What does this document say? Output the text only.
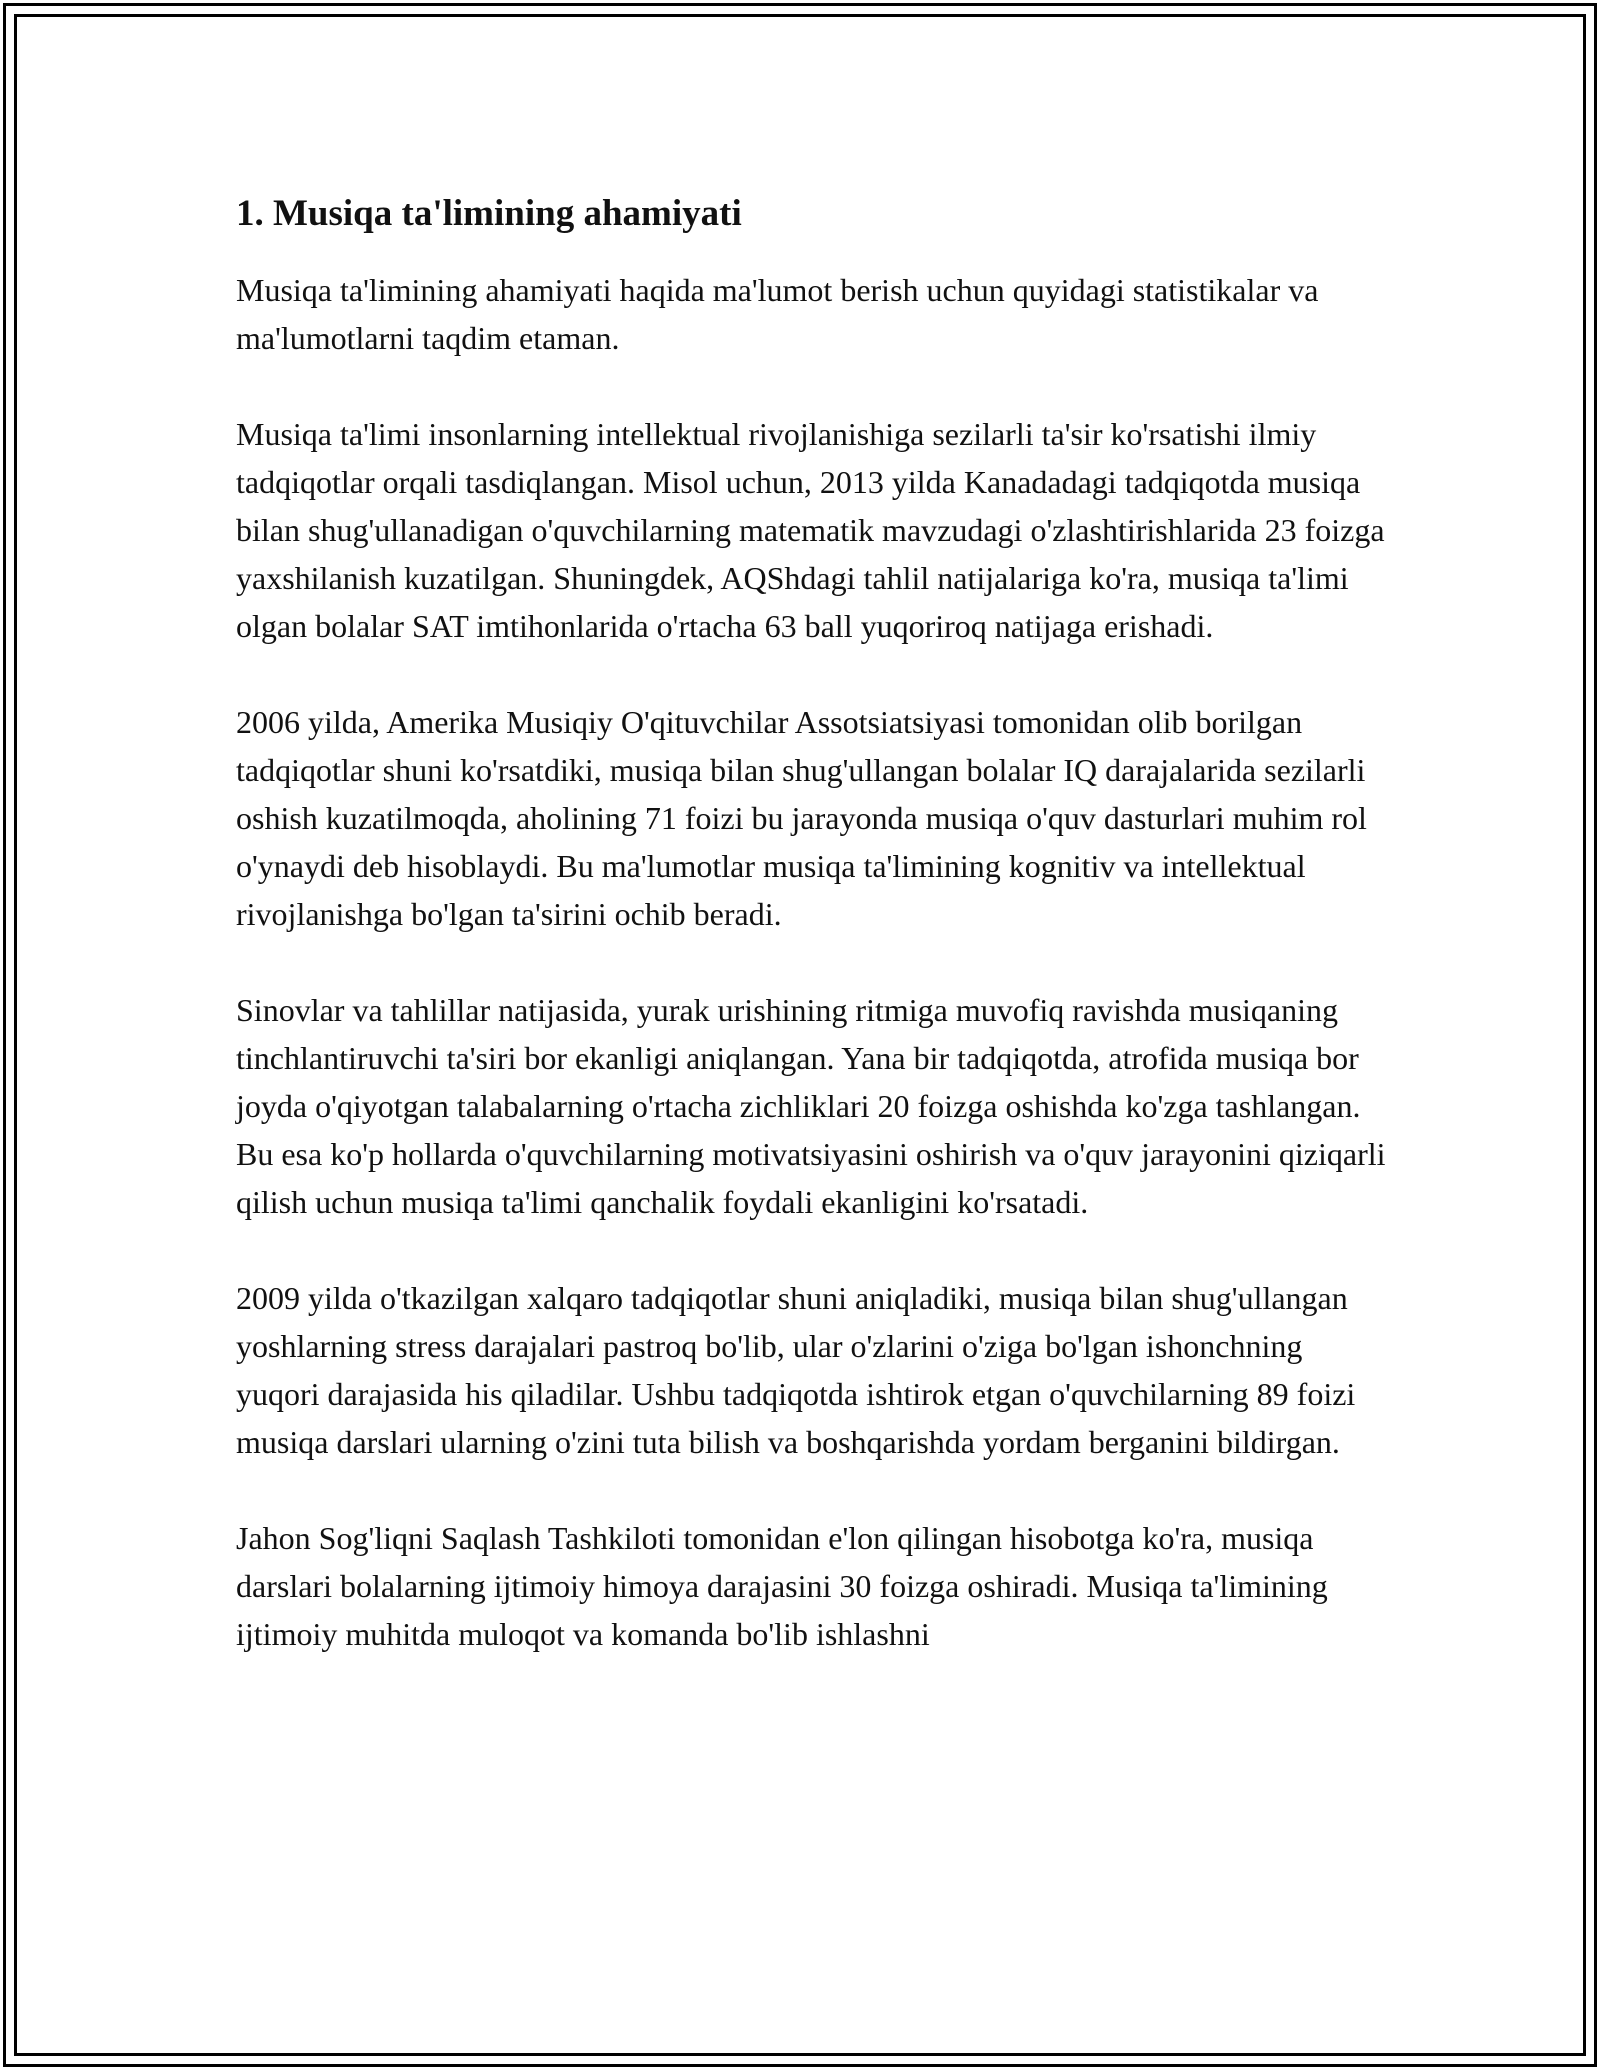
1. Musiqa ta'limining ahamiyati

Musiqa ta'limining ahamiyati haqida ma'lumot berish uchun quyidagi statistikalar va ma'lumotlarni taqdim etaman.

Musiqa ta'limi insonlarning intellektual rivojlanishiga sezilarli ta'sir ko'rsatishi ilmiy tadqiqotlar orqali tasdiqlangan. Misol uchun, 2013 yilda Kanadadagi tadqiqotda musiqa bilan shug'ullanadigan o'quvchilarning matematik mavzudagi o'zlashtirishlarida 23 foizga yaxshilanish kuzatilgan. Shuningdek, AQShdagi tahlil natijalariga ko'ra, musiqa ta'limi olgan bolalar SAT imtihonlarida o'rtacha 63 ball yuqoriroq natijaga erishadi.

2006 yilda, Amerika Musiqiy O'qituvchilar Assotsiatsiyasi tomonidan olib borilgan tadqiqotlar shuni ko'rsatdiki, musiqa bilan shug'ullangan bolalar IQ darajalarida sezilarli oshish kuzatilmoqda, aholining 71 foizi bu jarayonda musiqa o'quv dasturlari muhim rol o'ynaydi deb hisoblaydi. Bu ma'lumotlar musiqa ta'limining kognitiv va intellektual rivojlanishga bo'lgan ta'sirini ochib beradi.

Sinovlar va tahlillar natijasida, yurak urishining ritmiga muvofiq ravishda musiqaning tinchlantiruvchi ta'siri bor ekanligi aniqlangan. Yana bir tadqiqotda, atrofida musiqa bor joyda o'qiyotgan talabalarning o'rtacha zichliklari 20 foizga oshishda ko'zga tashlangan. Bu esa ko'p hollarda o'quvchilarning motivatsiyasini oshirish va o'quv jarayonini qiziqarli qilish uchun musiqa ta'limi qanchalik foydali ekanligini ko'rsatadi.

2009 yilda o'tkazilgan xalqaro tadqiqotlar shuni aniqladiki, musiqa bilan shug'ullangan yoshlarning stress darajalari pastroq bo'lib, ular o'zlarini o'ziga bo'lgan ishonchning yuqori darajasida his qiladilar. Ushbu tadqiqotda ishtirok etgan o'quvchilarning 89 foizi musiqa darslari ularning o'zini tuta bilish va boshqarishda yordam berganini bildirgan.

Jahon Sog'liqni Saqlash Tashkiloti tomonidan e'lon qilingan hisobotga ko'ra, musiqa darslari bolalarning ijtimoiy himoya darajasini 30 foizga oshiradi. Musiqa ta'limining ijtimoiy muhitda muloqot va komanda bo'lib ishlashni
